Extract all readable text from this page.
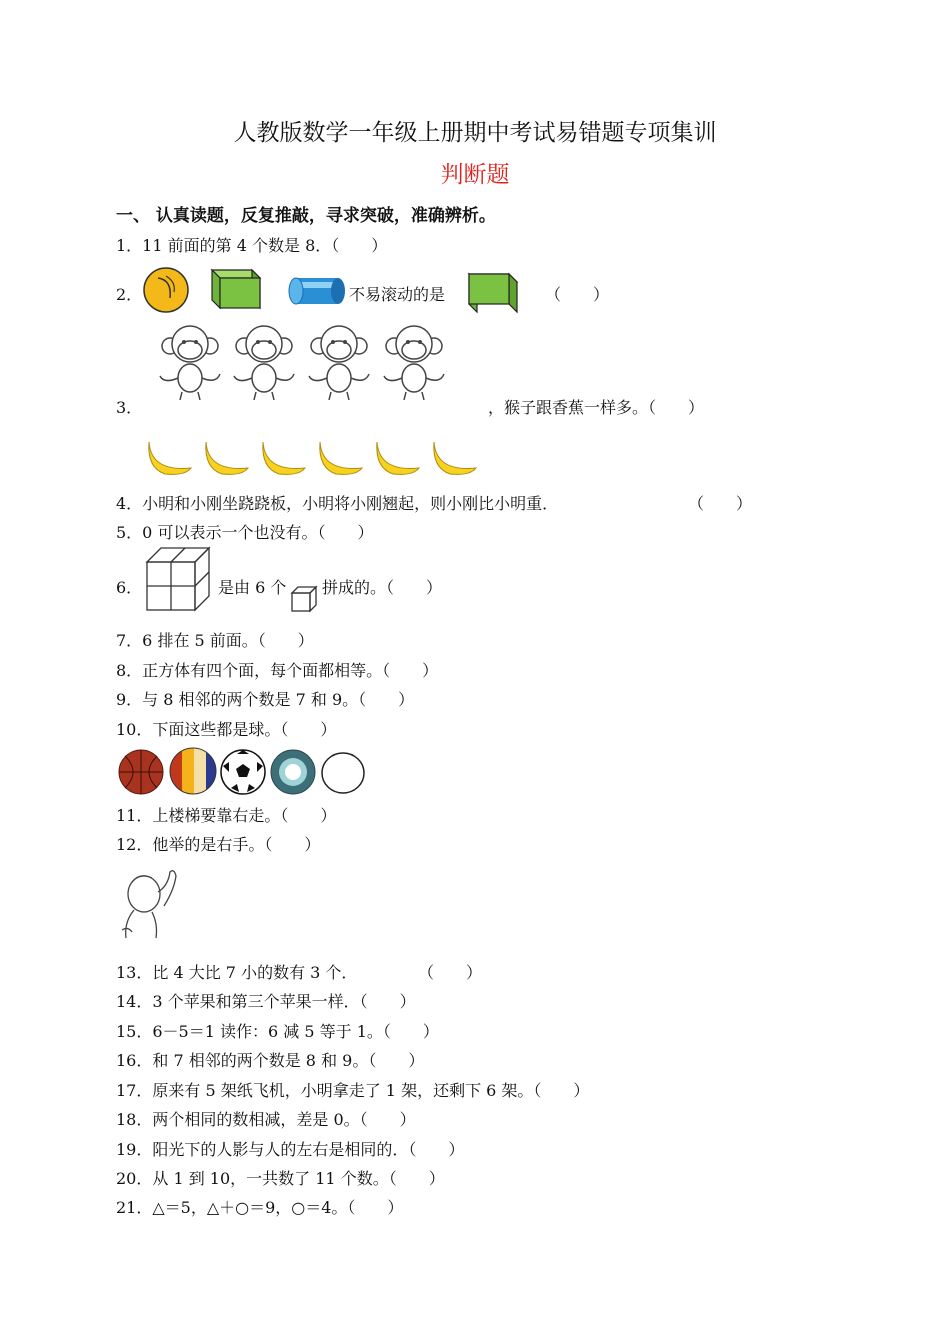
人教版数学一年级上册期中考试易错题专项集训
判断题
一、 认真读题，反复推敲，寻求突破，准确辨析。
1．11 前面的第 4 个数是 8．（　　）
2．	不易滚动的是	（　　）
3．	，猴子跟香蕉一样多。（　　）
4．小明和小刚坐跷跷板，小明将小刚翘起，则小刚比小明重．	（　　）
5．0 可以表示一个也没有。（　　）
6．	是由 6 个 拼成的。（　　）
7．6 排在 5 前面。（　　）
8．正方体有四个面，每个面都相等。（　　）
9．与 8 相邻的两个数是 7 和 9。（　　）
10．下面这些都是球。（　　）
11．上楼梯要靠右走。（　　）
12．他举的是右手。（　　）
13．比 4 大比 7 小的数有 3 个．	（　　）
14．3 个苹果和第三个苹果一样．（　　）
15．6－5＝1 读作：6 减 5 等于 1。（　　）
16．和 7 相邻的两个数是 8 和 9。（　　）
17．原来有 5 架纸飞机，小明拿走了 1 架，还剩下 6 架。（　　）
18．两个相同的数相减，差是 0。（　　）
19．阳光下的人影与人的左右是相同的．（　　）
20．从 1 到 10，一共数了 11 个数。（　　）
21．△＝5，△＋○＝9，○＝4。（　　）
